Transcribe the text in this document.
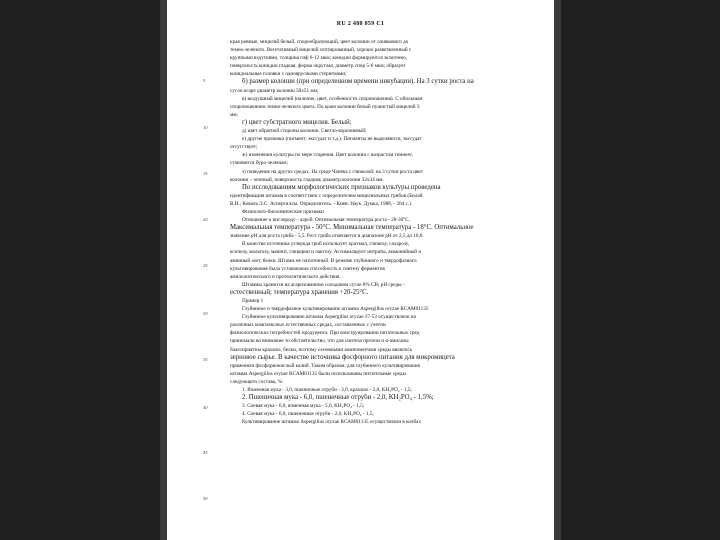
RU 2 480 059 C1
5
10
15
20
25
30
35
40
45
50
края ровные, мицелий белый, спорообразующий, цвет колонии от оливкового до
темно-зеленого. Вегетативный мицелий септированный, хорошо разветвленный с
крупными вздутиями, толщина гиф 6-12 мкм; конидии формируются экзогенно,
поверхность конидии гладкая, форма округлая, диаметр спор 5-6 мкм; образует
конидиальные головки с одноярусными стеригмами;
б) размер колонии (при определенном времени инкубации). На 3 сутки роста на
сусло-агаре диаметр колонии 50x51 мм;
в) воздушный мицелий (наличие, цвет, особенности спороношения). С обильным
спороношением темно-зеленого цвета. По краю колонии белый пушистый мицелий 3
мм;
г) цвет субстратного мицелия. Белый;
д) цвет обратной стороны колонии. Светло-коричневый;
е) другие признаки (пигмент; экссудат и т.д.). Пигменты не выделяются, экссудат
отсутствует;
ж) изменения культуры по мере старения. Цвет колонии с возрастом темнеет,
становится буро-зеленым;
з) поведение на других средах. На среде Чапека с глюкозой: на 3 сутки роста цвет
колонии – зеленый, поверхность гладкая; диаметр колонии 32x34 мм.
По исследованиям морфологических признаков культуры проведена
идентификация штамма в соответствии с определителем мицелиальных грибов (Билай
В.И., Коваль Э.С. Аспергиллы. Определитель. - Киев: Наук. Думка, 1988, - 204 с.).
Физиолого-биохимические признаки
Отношение к кислороду - аэроб. Оптимальная температура роста - 28-30°С.
Максимальная температура - 50°С. Минимальная температура - 18°С. Оптимальное
значение pH для роста гриба - 5,5. Рост гриба отмечается в диапазоне pH от 2,5 до 10,0.
В качестве источника углерода гриб использует крахмал, глюкозу, сахарозу,
ксилозу, мальтозу, маннит, глицерин и лактозу. Ассимилирует нитраты, аммонийный и
аминный азот, белки. Штамм не патогенный. В режиме глубинного и твердофазного
культивирования была установлена способность к синтезу ферментов
амилолитического и протеолитического действия.
Штаммы хранится на агаризованном солодовом сусле 8% СВ; pH среды -
естественный; температура хранения +20-25°С.
Пример 1
Глубинное и твердофазное культивирование штамма Aspergillus oryzae RCAM01135
Глубинное культивирование штамма Aspergillus oryzae 37-53 осуществляли на
различных комплексных естественных средах, составленных с учетом
физиологических потребностей продуцента. При конструировании питательных сред
принимали во внимание то обстоятельство, что для синтеза протеаз и α-амилазы
благоприятны крахмал, белки, поэтому основными компонентами среды являлось
зерновое сырье. В качестве источника фосфорного питания для микромицета
применяли фосфорнокислый калий. Таким образом, для глубинного культивирования
штамма Aspergillus oryzae RCAM01135 были использованы питательные среды
следующего состава, %:
1. Ячменная мука - 3,0, пшеничные отруби - 3,0, крахмал - 2,0, KH₂PO₄ - 1,5;
2. Пшеничная мука - 6,0, пшеничные отруби - 2,0, KH₂PO₄ - 1,5%;
3. Соевая мука - 6,0, ячменная мука - 5,0, KH₂PO₄ - 1,5;
4. Соевая мука - 6,0, пшеничные отруби - 2,0, KH₂PO₄ - 1,5;
Культивирование штамма Aspergillus oryzae RCAM01135 осуществляли в колбах
